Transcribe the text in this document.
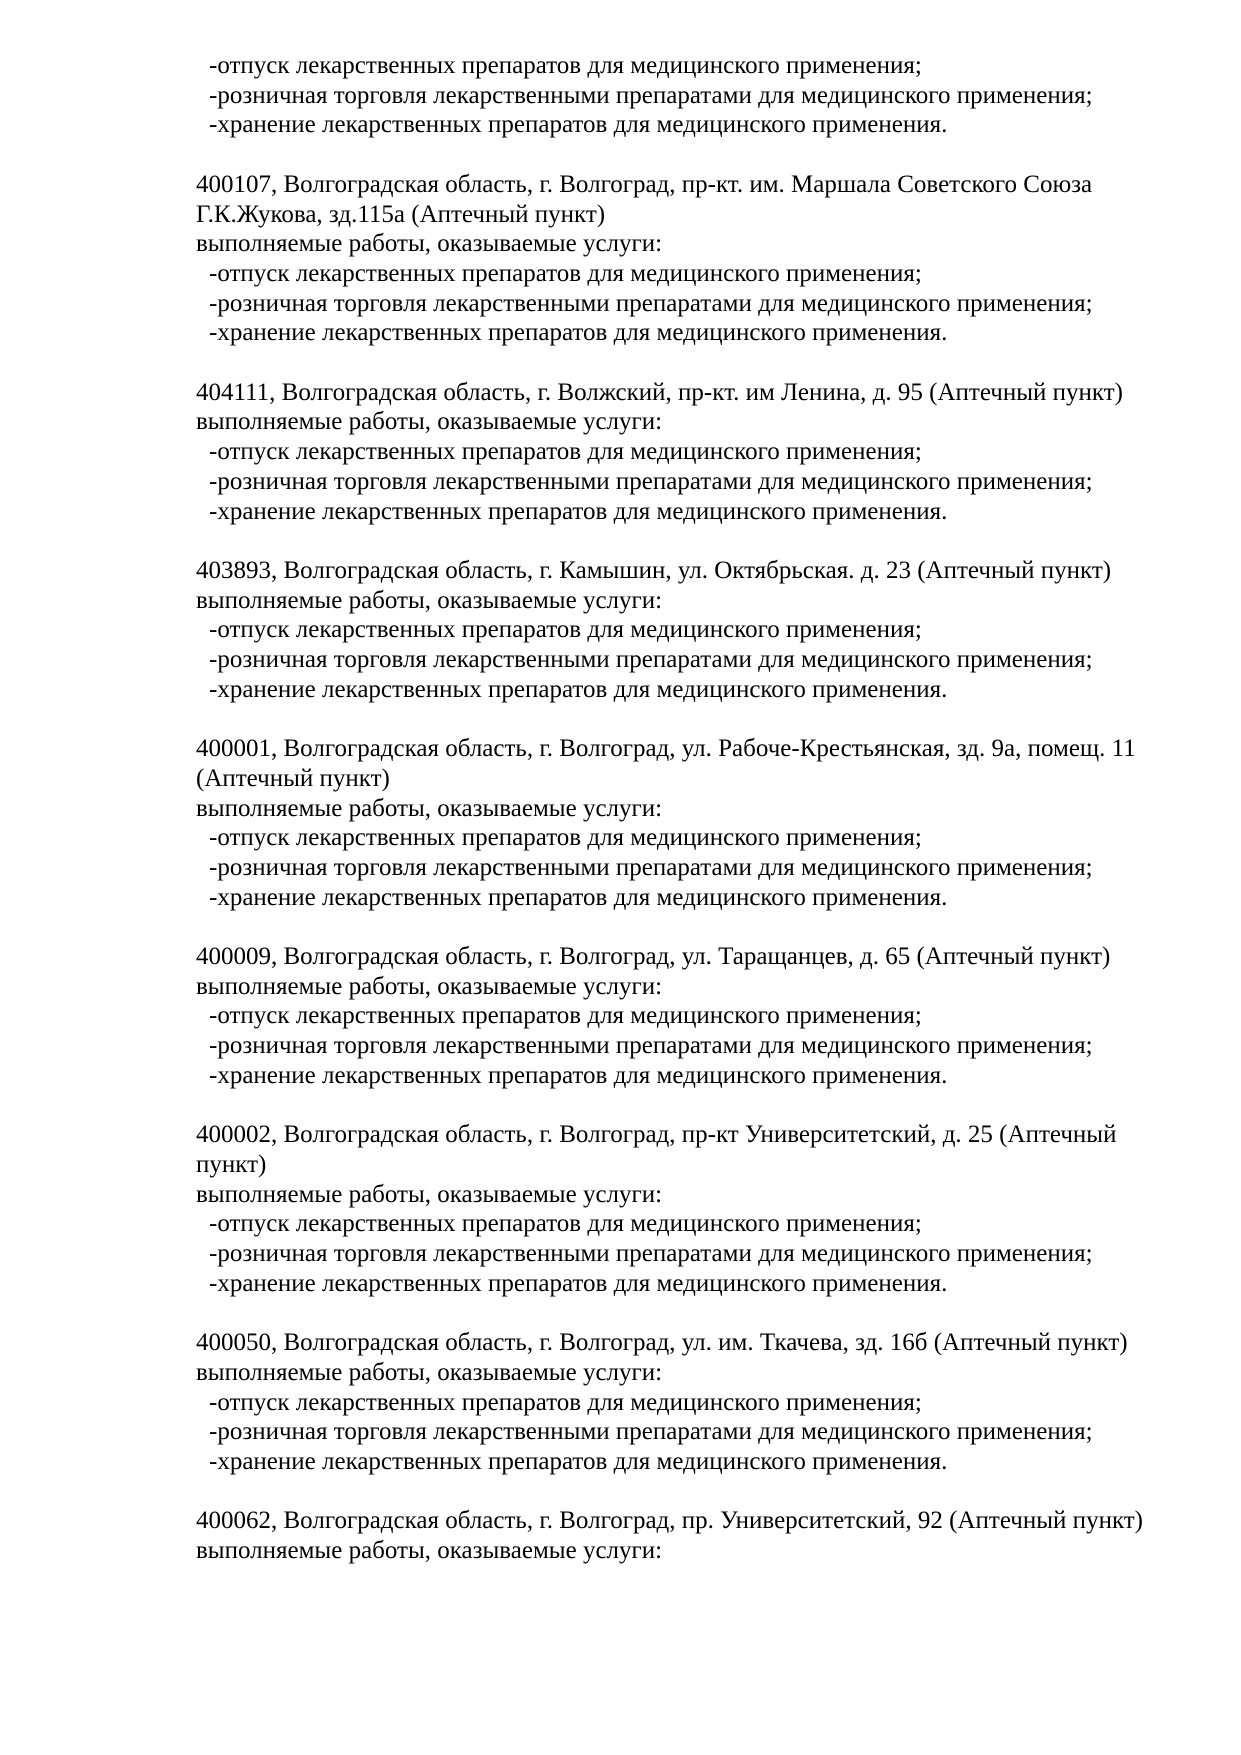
-отпуск лекарственных препаратов для медицинского применения;
-розничная торговля лекарственными препаратами для медицинского применения;
-хранение лекарственных препаратов для медицинского применения.
400107, Волгоградская область, г. Волгоград, пр-кт. им. Маршала Советского Союза
Г.К.Жукова, зд.115а (Аптечный пункт)
выполняемые работы, оказываемые услуги:
-отпуск лекарственных препаратов для медицинского применения;
-розничная торговля лекарственными препаратами для медицинского применения;
-хранение лекарственных препаратов для медицинского применения.
404111, Волгоградская область, г. Волжский, пр-кт. им Ленина, д. 95 (Аптечный пункт)
выполняемые работы, оказываемые услуги:
-отпуск лекарственных препаратов для медицинского применения;
-розничная торговля лекарственными препаратами для медицинского применения;
-хранение лекарственных препаратов для медицинского применения.
403893, Волгоградская область, г. Камышин, ул. Октябрьская. д. 23 (Аптечный пункт)
выполняемые работы, оказываемые услуги:
-отпуск лекарственных препаратов для медицинского применения;
-розничная торговля лекарственными препаратами для медицинского применения;
-хранение лекарственных препаратов для медицинского применения.
400001, Волгоградская область, г. Волгоград, ул. Рабоче-Крестьянская, зд. 9а, помещ. 11
(Аптечный пункт)
выполняемые работы, оказываемые услуги:
-отпуск лекарственных препаратов для медицинского применения;
-розничная торговля лекарственными препаратами для медицинского применения;
-хранение лекарственных препаратов для медицинского применения.
400009, Волгоградская область, г. Волгоград, ул. Таращанцев, д. 65 (Аптечный пункт)
выполняемые работы, оказываемые услуги:
-отпуск лекарственных препаратов для медицинского применения;
-розничная торговля лекарственными препаратами для медицинского применения;
-хранение лекарственных препаратов для медицинского применения.
400002, Волгоградская область, г. Волгоград, пр-кт Университетский, д. 25 (Аптечный
пункт)
выполняемые работы, оказываемые услуги:
-отпуск лекарственных препаратов для медицинского применения;
-розничная торговля лекарственными препаратами для медицинского применения;
-хранение лекарственных препаратов для медицинского применения.
400050, Волгоградская область, г. Волгоград, ул. им. Ткачева, зд. 16б (Аптечный пункт)
выполняемые работы, оказываемые услуги:
-отпуск лекарственных препаратов для медицинского применения;
-розничная торговля лекарственными препаратами для медицинского применения;
-хранение лекарственных препаратов для медицинского применения.
400062, Волгоградская область, г. Волгоград, пр. Университетский, 92 (Аптечный пункт)
выполняемые работы, оказываемые услуги:
